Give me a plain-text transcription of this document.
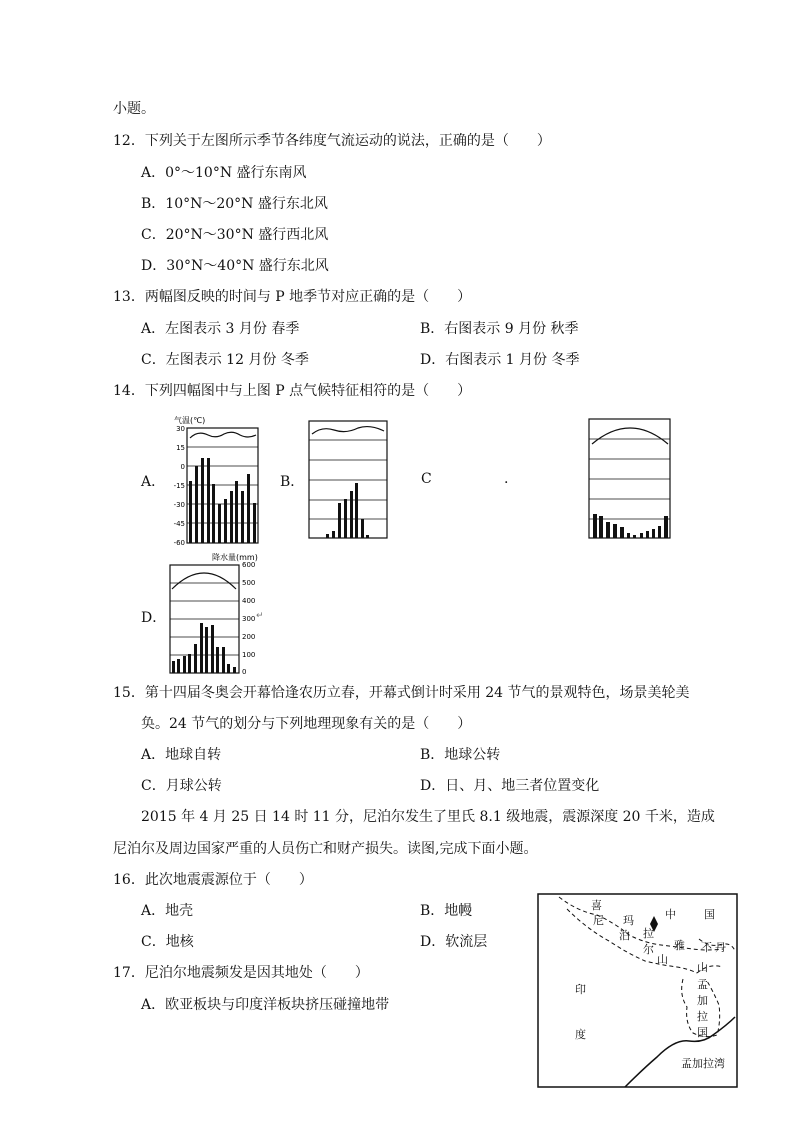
小题。
12．下列关于左图所示季节各纬度气流运动的说法，正确的是（　　）
A．0°～10°N 盛行东南风
B．10°N～20°N 盛行东北风
C．20°N～30°N 盛行西北风
D．30°N～40°N 盛行东北风
13．两幅图反映的时间与 P 地季节对应正确的是（　　）
A．左图表示 3 月份 春季	B．右图表示 9 月份 秋季
C．左图表示 12 月份 冬季	D．右图表示 1 月份 冬季
14．下列四幅图中与上图 P 点气候特征相符的是（　　）
A．	B．	C	.
D．
气温(℃)
30
15
0
-15
-30
-45
-60
降水量(mm)
600
500
400
300
200
100
0
↵
15．第十四届冬奥会开幕恰逢农历立春，开幕式倒计时采用 24 节气的景观特色，场景美轮美
奂。24 节气的划分与下列地理现象有关的是（　　）
A．地球自转	B．地球公转
C．月球公转	D．日、月、地三者位置变化
2015 年 4 月 25 日 14 时 11 分，尼泊尔发生了里氏 8.1 级地震，震源深度 20 千米，造成
尼泊尔及周边国家严重的人员伤亡和财产损失。读图,完成下面小题。
16．此次地震震源位于（　　）
A．地壳	B．地幔
C．地核	D．软流层
17．尼泊尔地震频发是因其地处（　　）
A．欧亚板块与印度洋板块挤压碰撞地带
喜
尼 玛
泊 拉
尔 雅
山
中	国
印
度
不 丹
山
孟
加
拉
国
孟加拉湾
